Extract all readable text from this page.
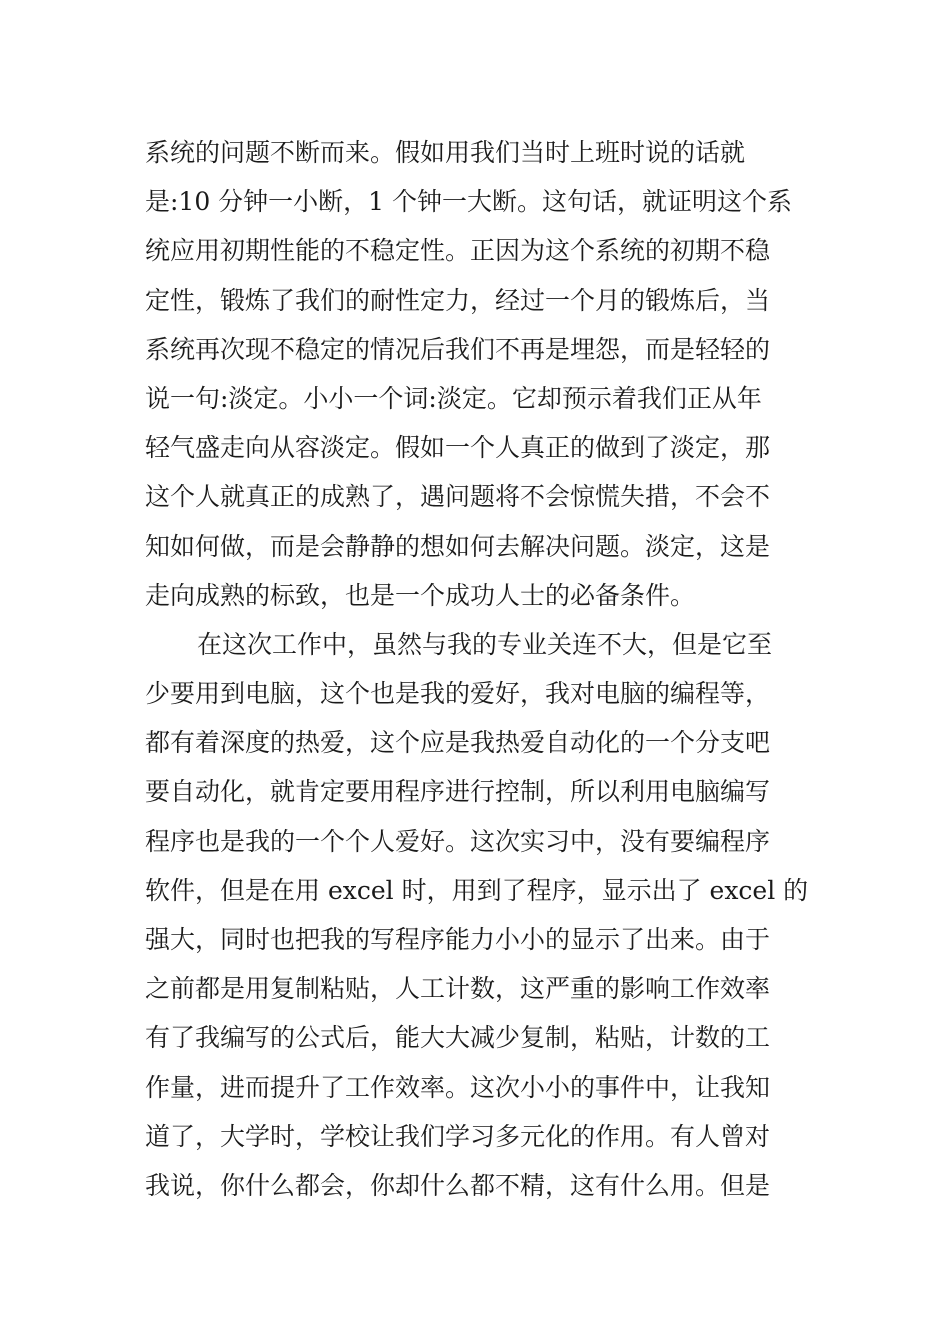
系统的问题不断而来。假如用我们当时上班时说的话就
是:10 分钟一小断，1 个钟一大断。这句话，就证明这个系
统应用初期性能的不稳定性。正因为这个系统的初期不稳
定性，锻炼了我们的耐性定力，经过一个月的锻炼后，当
系统再次现不稳定的情况后我们不再是埋怨，而是轻轻的
说一句:淡定。小小一个词:淡定。它却预示着我们正从年
轻气盛走向从容淡定。假如一个人真正的做到了淡定，那
这个人就真正的成熟了，遇问题将不会惊慌失措，不会不
知如何做，而是会静静的想如何去解决问题。淡定，这是
走向成熟的标致，也是一个成功人士的必备条件。
在这次工作中，虽然与我的专业关连不大，但是它至
少要用到电脑，这个也是我的爱好，我对电脑的编程等，
都有着深度的热爱，这个应是我热爱自动化的一个分支吧
要自动化，就肯定要用程序进行控制，所以利用电脑编写
程序也是我的一个个人爱好。这次实习中，没有要编程序
软件，但是在用 excel 时，用到了程序，显示出了 excel 的
强大，同时也把我的写程序能力小小的显示了出来。由于
之前都是用复制粘贴，人工计数，这严重的影响工作效率
有了我编写的公式后，能大大减少复制，粘贴，计数的工
作量，进而提升了工作效率。这次小小的事件中，让我知
道了，大学时，学校让我们学习多元化的作用。有人曾对
我说，你什么都会，你却什么都不精，这有什么用。但是
